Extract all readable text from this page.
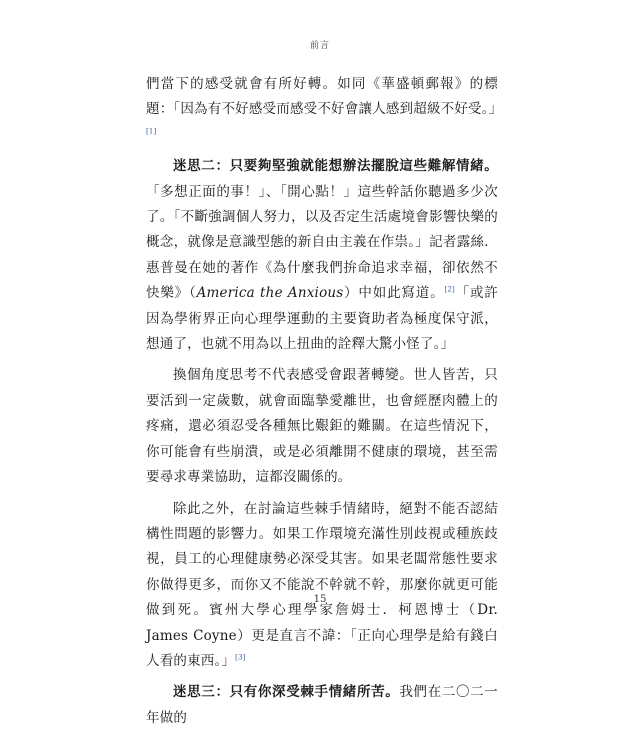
前言

們當下的感受就會有所好轉。如同《華盛頓郵報》的標題：「因為有不好感受而感受不好會讓人感到超級不好受。」[1]

迷思二：只要夠堅強就能想辦法擺脫這些難解情緒。「多想正面的事！」、「開心點！」這些幹話你聽過多少次了。「不斷強調個人努力，以及否定生活處境會影響快樂的概念，就像是意識型態的新自由主義在作祟。」記者露絲．惠普曼在她的著作《為什麼我們拚命追求幸福，卻依然不快樂》（America the Anxious）中如此寫道。[2]「或許因為學術界正向心理學運動的主要資助者為極度保守派，想通了，也就不用為以上扭曲的詮釋大驚小怪了。」

換個角度思考不代表感受會跟著轉變。世人皆苦，只要活到一定歲數，就會面臨摯愛離世，也會經歷肉體上的疼痛，還必須忍受各種無比艱鉅的難關。在這些情況下，你可能會有些崩潰，或是必須離開不健康的環境，甚至需要尋求專業協助，這都沒關係的。

除此之外，在討論這些棘手情緒時，絕對不能否認結構性問題的影響力。如果工作環境充滿性別歧視或種族歧視，員工的心理健康勢必深受其害。如果老闆常態性要求你做得更多，而你又不能說不幹就不幹，那麼你就更可能做到死。賓州大學心理學家詹姆士．柯恩博士（Dr. James Coyne）更是直言不諱：「正向心理學是給有錢白人看的東西。」[3]

迷思三：只有你深受棘手情緒所苦。我們在二〇二一年做的

15
